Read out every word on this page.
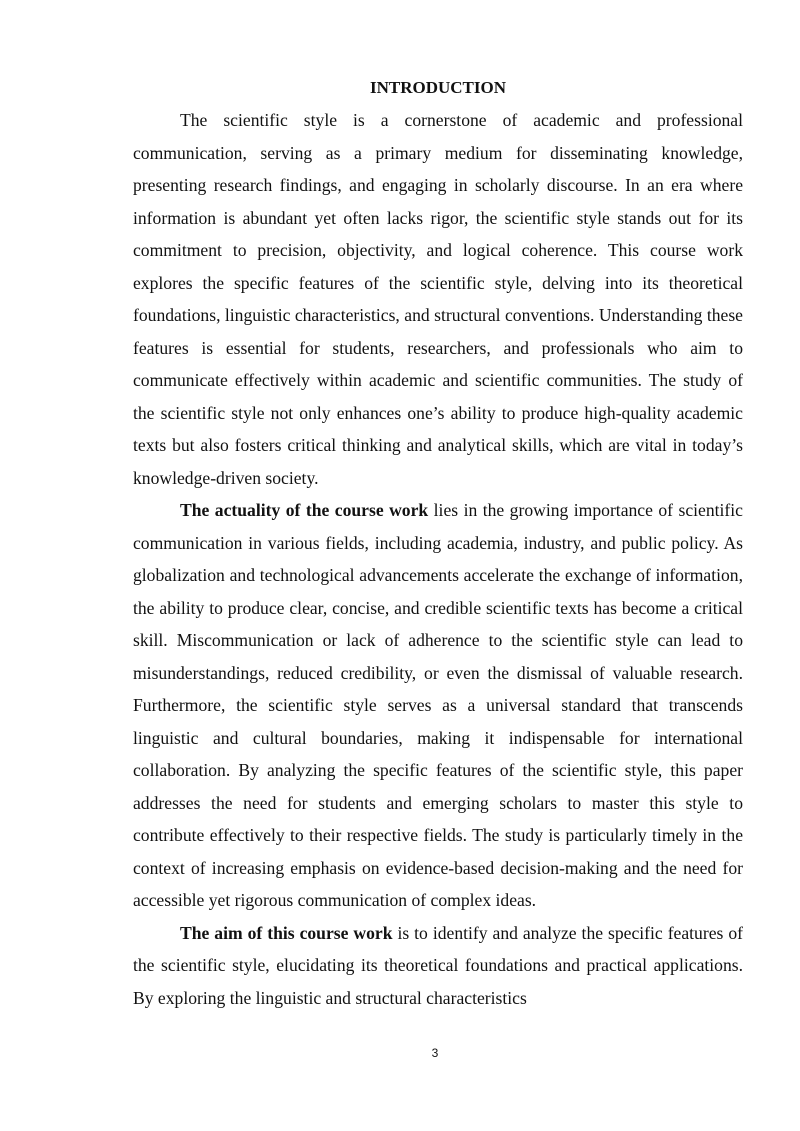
INTRODUCTION

The scientific style is a cornerstone of academic and professional communication, serving as a primary medium for disseminating knowledge, presenting research findings, and engaging in scholarly discourse. In an era where information is abundant yet often lacks rigor, the scientific style stands out for its commitment to precision, objectivity, and logical coherence. This course work explores the specific features of the scientific style, delving into its theoretical foundations, linguistic characteristics, and structural conventions. Understanding these features is essential for students, researchers, and professionals who aim to communicate effectively within academic and scientific communities. The study of the scientific style not only enhances one’s ability to produce high-quality academic texts but also fosters critical thinking and analytical skills, which are vital in today’s knowledge-driven society.

The actuality of the course work lies in the growing importance of scientific communication in various fields, including academia, industry, and public policy. As globalization and technological advancements accelerate the exchange of information, the ability to produce clear, concise, and credible scientific texts has become a critical skill. Miscommunication or lack of adherence to the scientific style can lead to misunderstandings, reduced credibility, or even the dismissal of valuable research. Furthermore, the scientific style serves as a universal standard that transcends linguistic and cultural boundaries, making it indispensable for international collaboration. By analyzing the specific features of the scientific style, this paper addresses the need for students and emerging scholars to master this style to contribute effectively to their respective fields. The study is particularly timely in the context of increasing emphasis on evidence-based decision-making and the need for accessible yet rigorous communication of complex ideas.

The aim of this course work is to identify and analyze the specific features of the scientific style, elucidating its theoretical foundations and practical applications. By exploring the linguistic and structural characteristics

3
